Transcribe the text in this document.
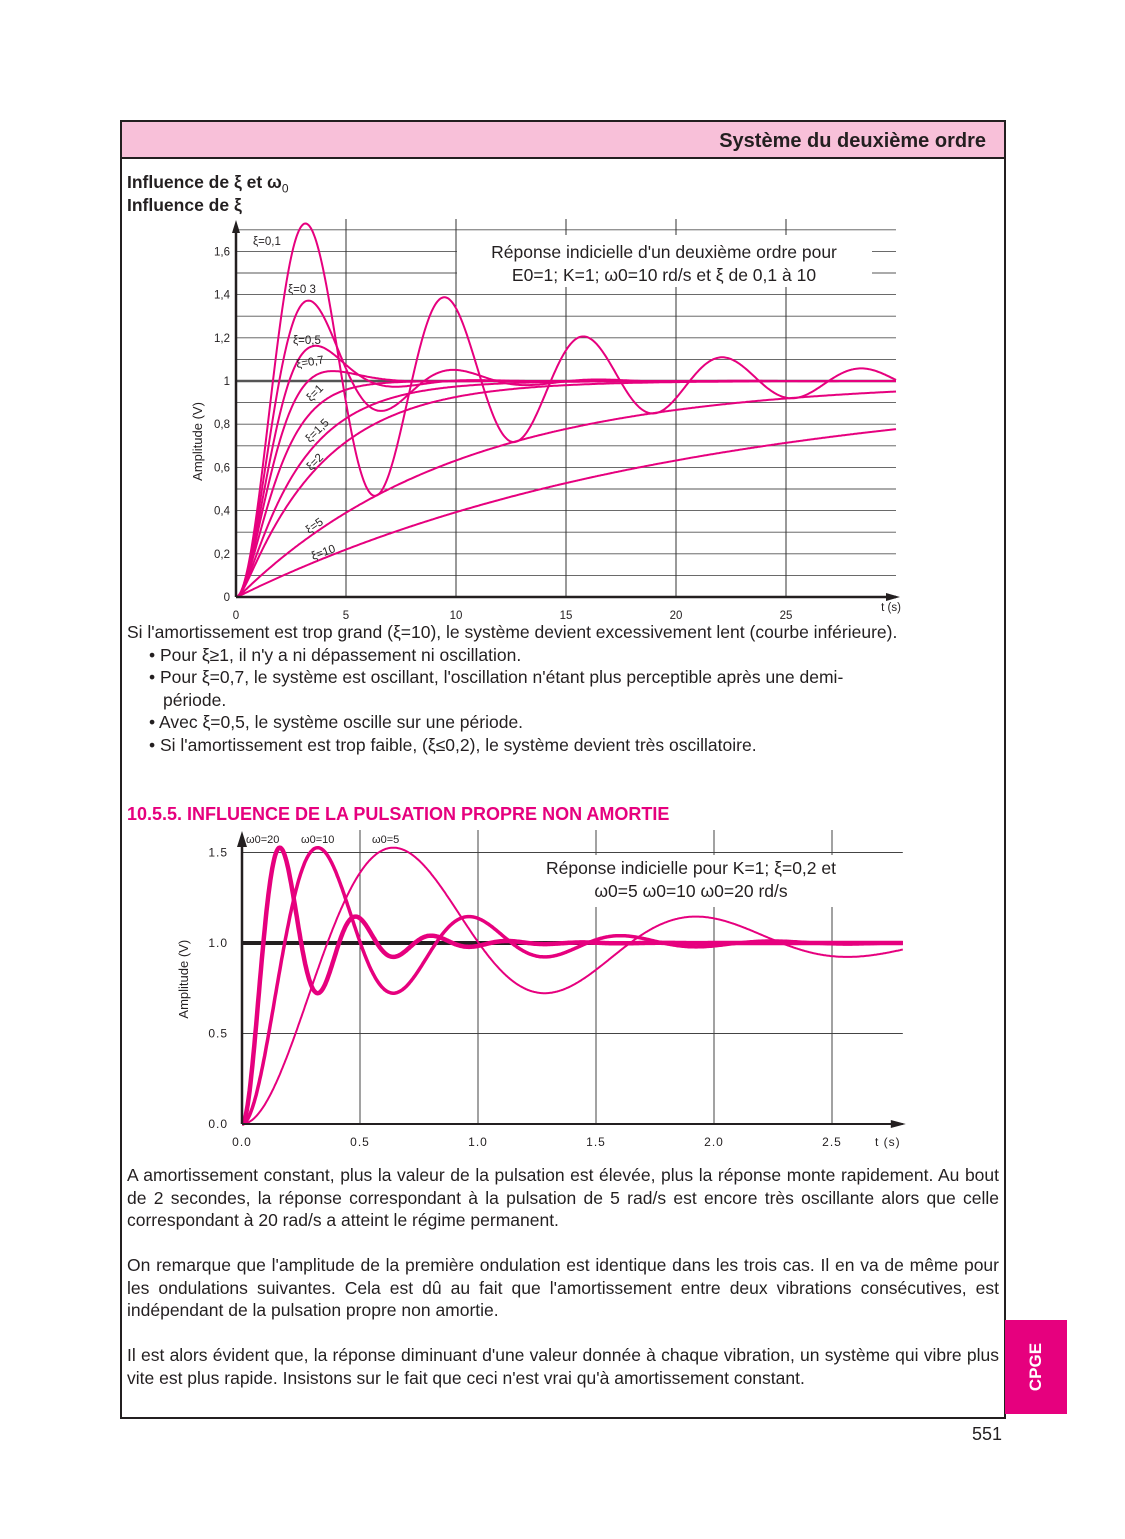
Système du deuxième ordre
Influence de ξ et $\omega_0$
Influence de ξ
Réponse indicielle d'un deuxième ordre pour
E0=1; K=1; ω0=10 rd/s et ξ de 0,1 à 10
0
0,2
0,4
0,6
0,8
1
1,2
1,4
1,6
0	5	10	15	20	25
t (s)
Amplitude (V)
ξ=0,1
ξ=0 3
ξ=0,5
ξ=0,7
ξ=1
ξ=1,5
ξ=2
ξ=5
ξ=10
Si l'amortissement est trop grand (ξ=10), le système devient excessivement lent (courbe inférieure).
• Pour ξ≥1, il n'y a ni dépassement ni oscillation.
• Pour ξ=0,7, le système est oscillant, l'oscillation n'étant plus perceptible après une demi-période.
• Avec ξ=0,5, le système oscille sur une période.
• Si l'amortissement est trop faible, (ξ≤0,2), le système devient très oscillatoire.
10.5.5. INFLUENCE DE LA PULSATION PROPRE NON AMORTIE
Réponse indicielle pour K=1; ξ=0,2 et
ω0=5 ω0=10 ω0=20 rd/s
0.0
0.5
1.0
1.5
0.0	0.5	1.0	1.5	2.0	2.5	t (s)
Amplitude (V)
ω0=20 ω0=10	ω0=5
A amortissement constant, plus la valeur de la pulsation est élevée, plus la réponse monte rapidement. Au bout de 2 secondes, la réponse correspondant à la pulsation de 5 rad/s est encore très oscillante alors que celle correspondant à 20 rad/s a atteint le régime permanent.
On remarque que l'amplitude de la première ondulation est identique dans les trois cas. Il en va de même pour les ondulations suivantes. Cela est dû au fait que l'amortissement entre deux vibrations consécutives, est indépendant de la pulsation propre non amortie.
Il est alors évident que, la réponse diminuant d'une valeur donnée à chaque vibration, un système qui vibre plus vite est plus rapide. Insistons sur le fait que ceci n'est vrai qu'à amortissement constant.	CPGE
551
